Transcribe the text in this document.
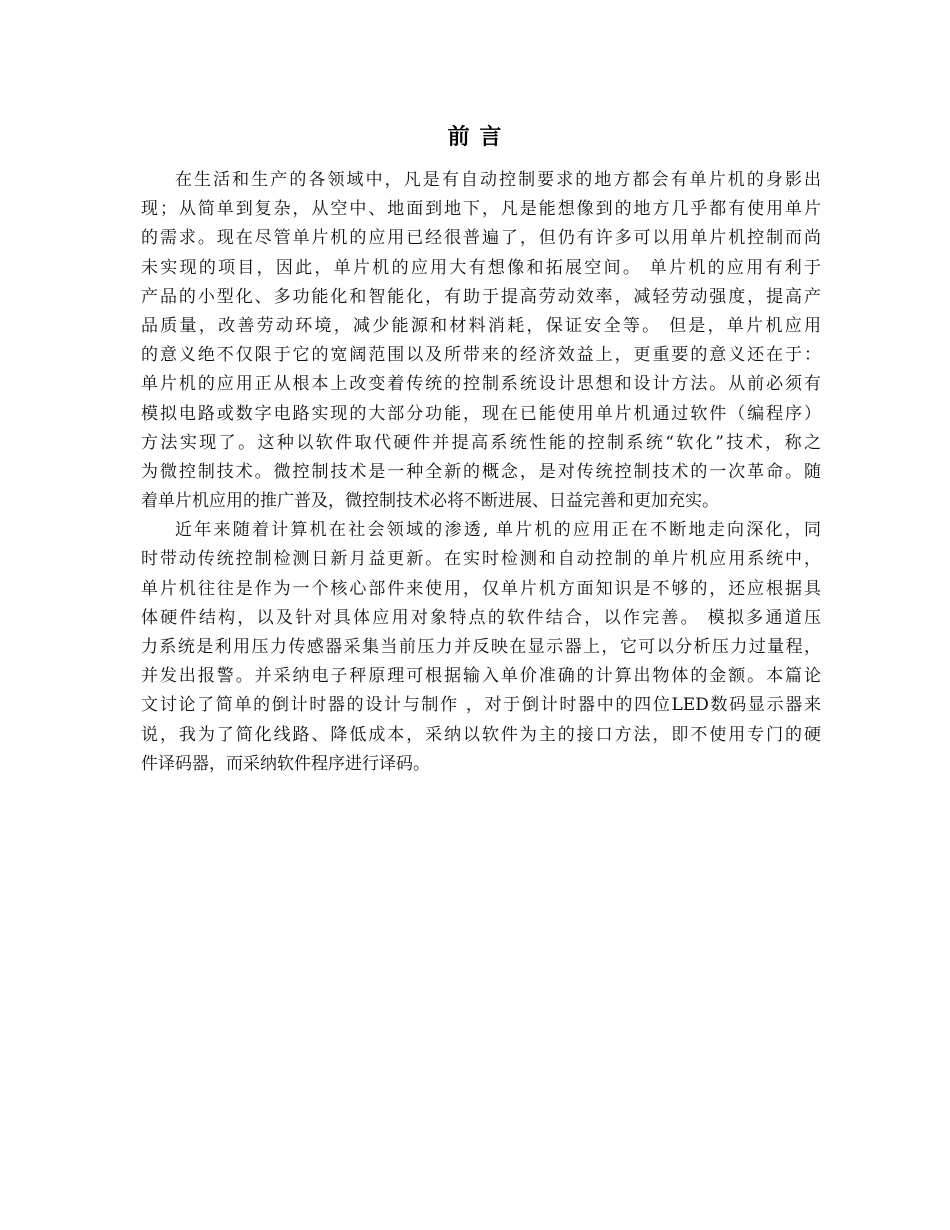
前 言
在生活和生产的各领域中，凡是有自动控制要求的地方都会有单片机的身影出
现；从简单到复杂，从空中、地面到地下，凡是能想像到的地方几乎都有使用单片
的需求。现在尽管单片机的应用已经很普遍了，但仍有许多可以用单片机控制而尚
未实现的项目，因此，单片机的应用大有想像和拓展空间。 单片机的应用有利于
产品的小型化、多功能化和智能化，有助于提高劳动效率，减轻劳动强度，提高产
品质量，改善劳动环境，减少能源和材料消耗，保证安全等。 但是，单片机应用
的意义绝不仅限于它的宽阔范围以及所带来的经济效益上，更重要的意义还在于：
单片机的应用正从根本上改变着传统的控制系统设计思想和设计方法。从前必须有
模拟电路或数字电路实现的大部分功能，现在已能使用单片机通过软件（编程序）
方法实现了。这种以软件取代硬件并提高系统性能的控制系统“软化”技术，称之
为微控制技术。微控制技术是一种全新的概念，是对传统控制技术的一次革命。随
着单片机应用的推广普及，微控制技术必将不断进展、日益完善和更加充实。
近年来随着计算机在社会领域的渗透, 单片机的应用正在不断地走向深化，同
时带动传统控制检测日新月益更新。在实时检测和自动控制的单片机应用系统中，
单片机往往是作为一个核心部件来使用，仅单片机方面知识是不够的，还应根据具
体硬件结构，以及针对具体应用对象特点的软件结合，以作完善。 模拟多通道压
力系统是利用压力传感器采集当前压力并反映在显示器上，它可以分析压力过量程，
并发出报警。并采纳电子秤原理可根据输入单价准确的计算出物体的金额。本篇论
文讨论了简单的倒计时器的设计与制作 ，对于倒计时器中的四位LED数码显示器来
说，我为了简化线路、降低成本，采纳以软件为主的接口方法，即不使用专门的硬
件译码器，而采纳软件程序进行译码。
